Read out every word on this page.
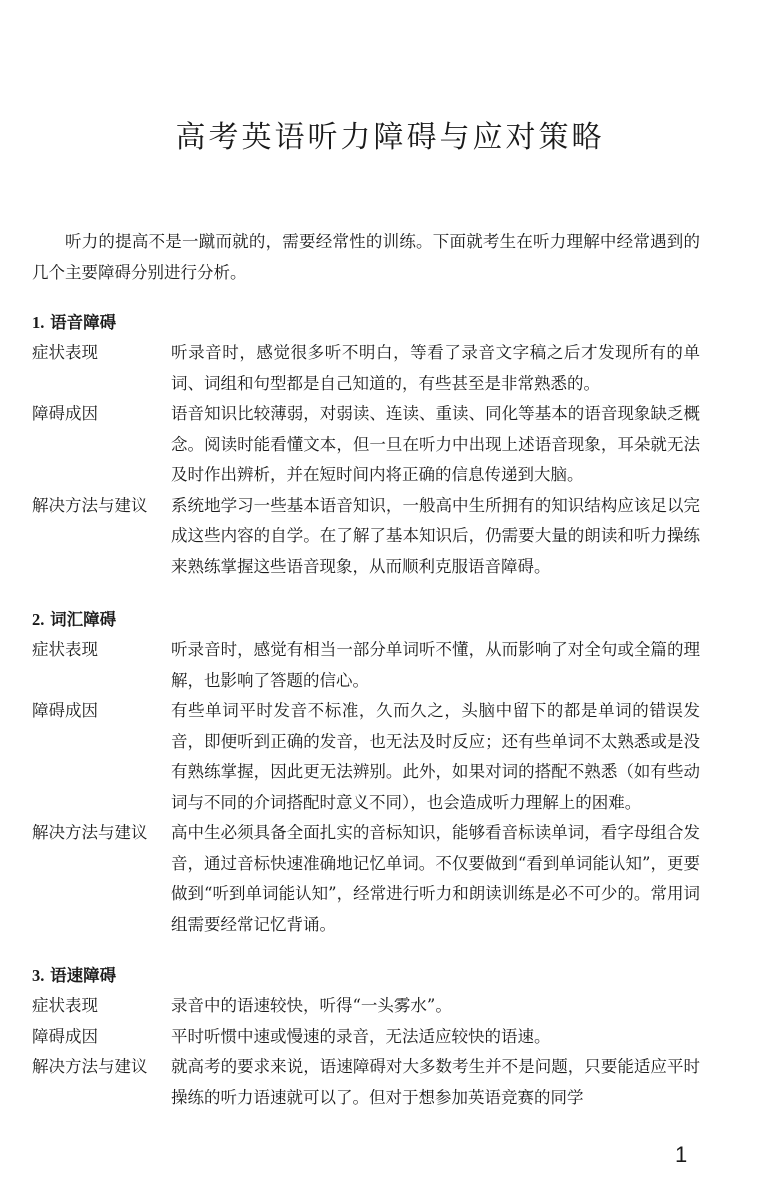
高考英语听力障碍与应对策略

听力的提高不是一蹴而就的，需要经常性的训练。下面就考生在听力理解中经常遇到的几个主要障碍分别进行分析。

1. 语音障碍

症状表现	听录音时，感觉很多听不明白，等看了录音文字稿之后才发现所有的单词、词组和句型都是自己知道的，有些甚至是非常熟悉的。

障碍成因	语音知识比较薄弱，对弱读、连读、重读、同化等基本的语音现象缺乏概念。阅读时能看懂文本，但一旦在听力中出现上述语音现象，耳朵就无法及时作出辨析，并在短时间内将正确的信息传递到大脑。

解决方法与建议	系统地学习一些基本语音知识，一般高中生所拥有的知识结构应该足以完成这些内容的自学。在了解了基本知识后，仍需要大量的朗读和听力操练来熟练掌握这些语音现象，从而顺利克服语音障碍。

2. 词汇障碍

症状表现	听录音时，感觉有相当一部分单词听不懂，从而影响了对全句或全篇的理解，也影响了答题的信心。

障碍成因	有些单词平时发音不标准，久而久之，头脑中留下的都是单词的错误发音，即便听到正确的发音，也无法及时反应；还有些单词不太熟悉或是没有熟练掌握，因此更无法辨别。此外，如果对词的搭配不熟悉（如有些动词与不同的介词搭配时意义不同），也会造成听力理解上的困难。

解决方法与建议	高中生必须具备全面扎实的音标知识，能够看音标读单词，看字母组合发音，通过音标快速准确地记忆单词。不仅要做到“看到单词能认知”，更要做到“听到单词能认知”，经常进行听力和朗读训练是必不可少的。常用词组需要经常记忆背诵。

3. 语速障碍

症状表现	录音中的语速较快，听得“一头雾水”。

障碍成因	平时听惯中速或慢速的录音，无法适应较快的语速。

解决方法与建议	就高考的要求来说，语速障碍对大多数考生并不是问题，只要能适应平时操练的听力语速就可以了。但对于想参加英语竞赛的同学

1
